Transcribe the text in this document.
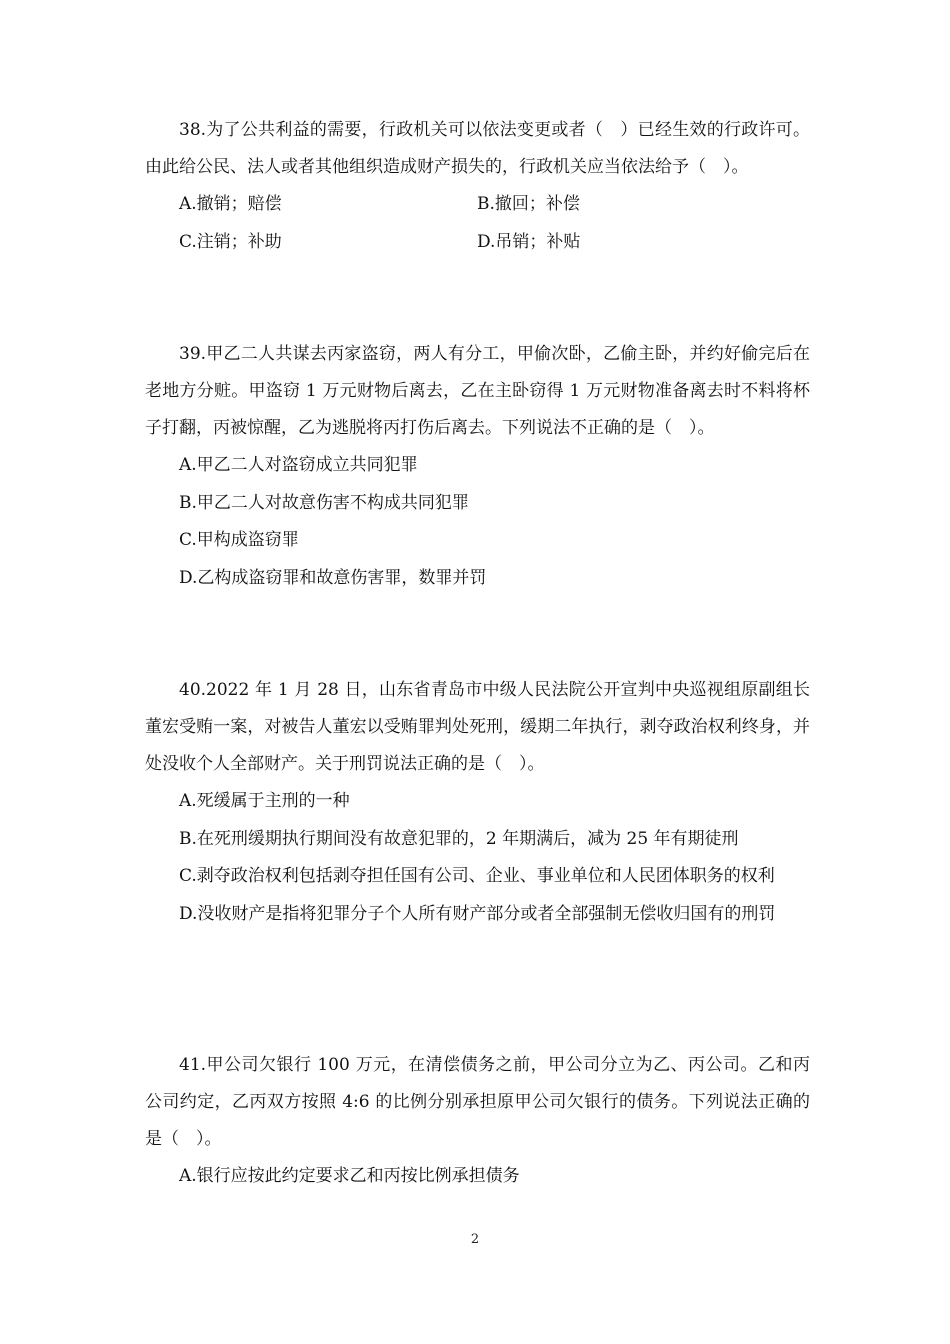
38.为了公共利益的需要，行政机关可以依法变更或者（　）已经生效的行政许可。由此给公民、法人或者其他组织造成财产损失的，行政机关应当依法给予（　）。

A.撤销；赔偿	B.撤回；补偿

C.注销；补助	D.吊销；补贴

39.甲乙二人共谋去丙家盗窃，两人有分工，甲偷次卧，乙偷主卧，并约好偷完后在老地方分赃。甲盗窃 1 万元财物后离去，乙在主卧窃得 1 万元财物准备离去时不料将杯子打翻，丙被惊醒，乙为逃脱将丙打伤后离去。下列说法不正确的是（　）。

A.甲乙二人对盗窃成立共同犯罪

B.甲乙二人对故意伤害不构成共同犯罪

C.甲构成盗窃罪

D.乙构成盗窃罪和故意伤害罪，数罪并罚

40.2022 年 1 月 28 日，山东省青岛市中级人民法院公开宣判中央巡视组原副组长董宏受贿一案，对被告人董宏以受贿罪判处死刑，缓期二年执行，剥夺政治权利终身，并处没收个人全部财产。关于刑罚说法正确的是（　）。

A.死缓属于主刑的一种

B.在死刑缓期执行期间没有故意犯罪的，2 年期满后，减为 25 年有期徒刑

C.剥夺政治权利包括剥夺担任国有公司、企业、事业单位和人民团体职务的权利

D.没收财产是指将犯罪分子个人所有财产部分或者全部强制无偿收归国有的刑罚

41.甲公司欠银行 100 万元，在清偿债务之前，甲公司分立为乙、丙公司。乙和丙公司约定，乙丙双方按照 4:6 的比例分别承担原甲公司欠银行的债务。下列说法正确的是（　）。

A.银行应按此约定要求乙和丙按比例承担债务

2
